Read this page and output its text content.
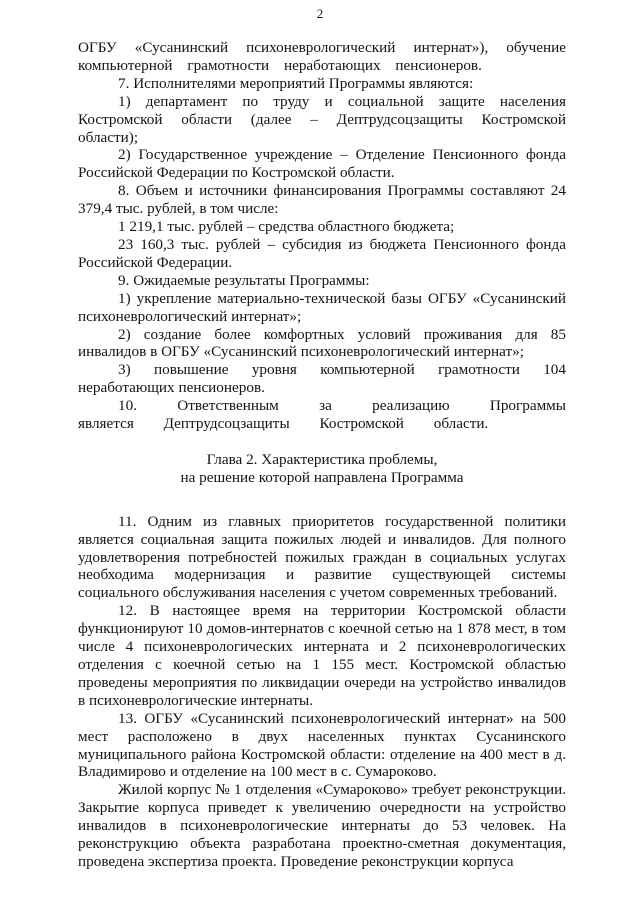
2

ОГБУ «Сусанинский психоневрологический интернат»), обучение компьютерной грамотности неработающих пенсионеров.

7. Исполнителями мероприятий Программы являются:

1) департамент по труду и социальной защите населения Костромской области (далее – Дептрудсоцзащиты Костромской области);

2) Государственное учреждение – Отделение Пенсионного фонда Российской Федерации по Костромской области.

8. Объем и источники финансирования Программы составляют 24 379,4 тыс. рублей, в том числе:

1 219,1 тыс. рублей – средства областного бюджета;

23 160,3 тыс. рублей – субсидия из бюджета Пенсионного фонда Российской Федерации.

9. Ожидаемые результаты Программы:

1) укрепление материально-технической базы ОГБУ «Сусанинский психоневрологический интернат»;

2) создание более комфортных условий проживания для 85 инвалидов в ОГБУ «Сусанинский психоневрологический интернат»;

3) повышение уровня компьютерной грамотности 104 неработающих пенсионеров.

10. Ответственным за реализацию Программы является Дептрудсоцзащиты Костромской области.

Глава 2. Характеристика проблемы,
на решение которой направлена Программа

11. Одним из главных приоритетов государственной политики является социальная защита пожилых людей и инвалидов. Для полного удовлетворения потребностей пожилых граждан в социальных услугах необходима модернизация и развитие существующей системы социального обслуживания населения с учетом современных требований.

12. В настоящее время на территории Костромской области функционируют 10 домов-интернатов с коечной сетью на 1 878 мест, в том числе 4 психоневрологических интерната и 2 психоневрологических отделения с коечной сетью на 1 155 мест. Костромской областью проведены мероприятия по ликвидации очереди на устройство инвалидов в психоневрологические интернаты.

13. ОГБУ «Сусанинский психоневрологический интернат» на 500 мест расположено в двух населенных пунктах Сусанинского муниципального района Костромской области: отделение на 400 мест в д. Владимирово и отделение на 100 мест в с. Сумароково.

Жилой корпус № 1 отделения «Сумароково» требует реконструкции. Закрытие корпуса приведет к увеличению очередности на устройство инвалидов в психоневрологические интернаты до 53 человек. На реконструкцию объекта разработана проектно-сметная документация, проведена экспертиза проекта. Проведение реконструкции корпуса
